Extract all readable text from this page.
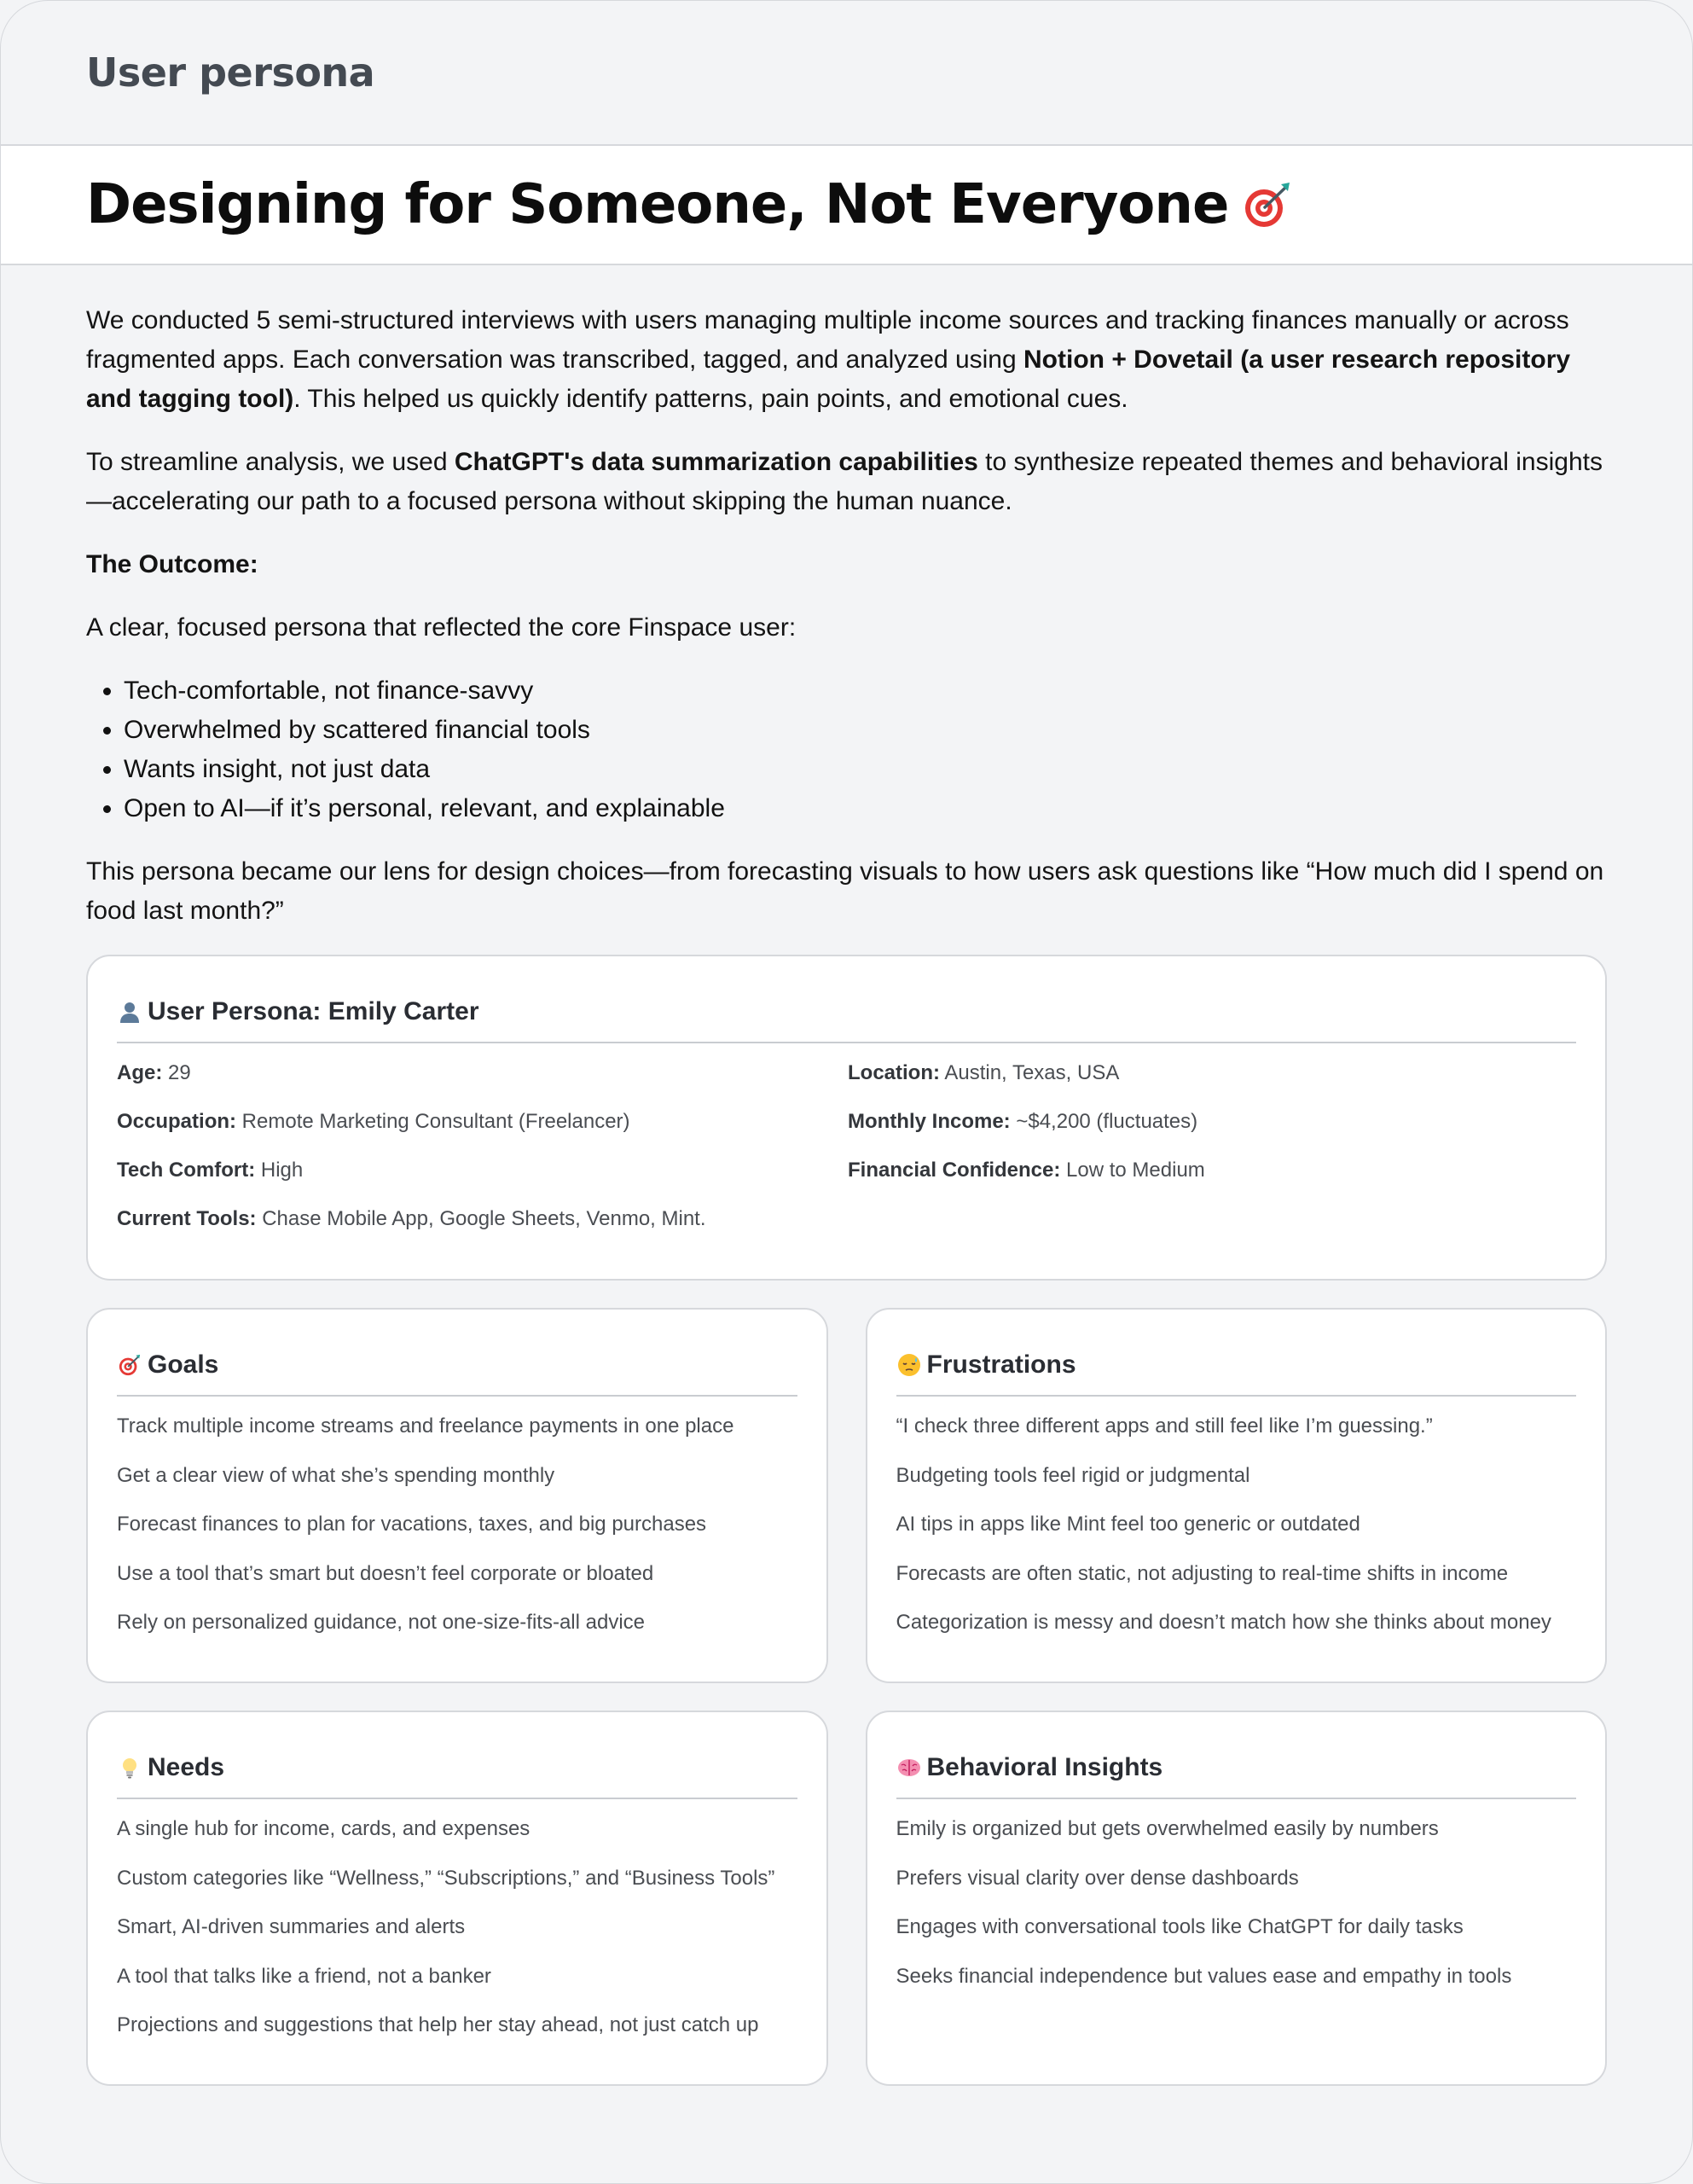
User persona
Designing for Someone, Not Everyone

We conducted 5 semi-structured interviews with users managing multiple income sources and tracking finances manually or across fragmented apps. Each conversation was transcribed, tagged, and analyzed using Notion + Dovetail (a user research repository and tagging tool). This helped us quickly identify patterns, pain points, and emotional cues.

To streamline analysis, we used ChatGPT's data summarization capabilities to synthesize repeated themes and behavioral insights—accelerating our path to a focused persona without skipping the human nuance.

The Outcome:

A clear, focused persona that reflected the core Finspace user:

• Tech-comfortable, not finance-savvy
• Overwhelmed by scattered financial tools
• Wants insight, not just data
• Open to AI—if it’s personal, relevant, and explainable

This persona became our lens for design choices—from forecasting visuals to how users ask questions like “How much did I spend on food last month?”

User Persona: Emily Carter
Age: 29	Location: Austin, Texas, USA
Occupation: Remote Marketing Consultant (Freelancer)	Monthly Income: ~$4,200 (fluctuates)
Tech Comfort: High	Financial Confidence: Low to Medium
Current Tools: Chase Mobile App, Google Sheets, Venmo, Mint.
Goals
Track multiple income streams and freelance payments in one place
Get a clear view of what she’s spending monthly
Forecast finances to plan for vacations, taxes, and big purchases
Use a tool that’s smart but doesn’t feel corporate or bloated
Rely on personalized guidance, not one-size-fits-all advice
Frustrations
“I check three different apps and still feel like I’m guessing.”
Budgeting tools feel rigid or judgmental
AI tips in apps like Mint feel too generic or outdated
Forecasts are often static, not adjusting to real-time shifts in income
Categorization is messy and doesn’t match how she thinks about money
Needs
A single hub for income, cards, and expenses
Custom categories like “Wellness,” “Subscriptions,” and “Business Tools”
Smart, AI-driven summaries and alerts
A tool that talks like a friend, not a banker
Projections and suggestions that help her stay ahead, not just catch up
Behavioral Insights
Emily is organized but gets overwhelmed easily by numbers
Prefers visual clarity over dense dashboards
Engages with conversational tools like ChatGPT for daily tasks
Seeks financial independence but values ease and empathy in tools
